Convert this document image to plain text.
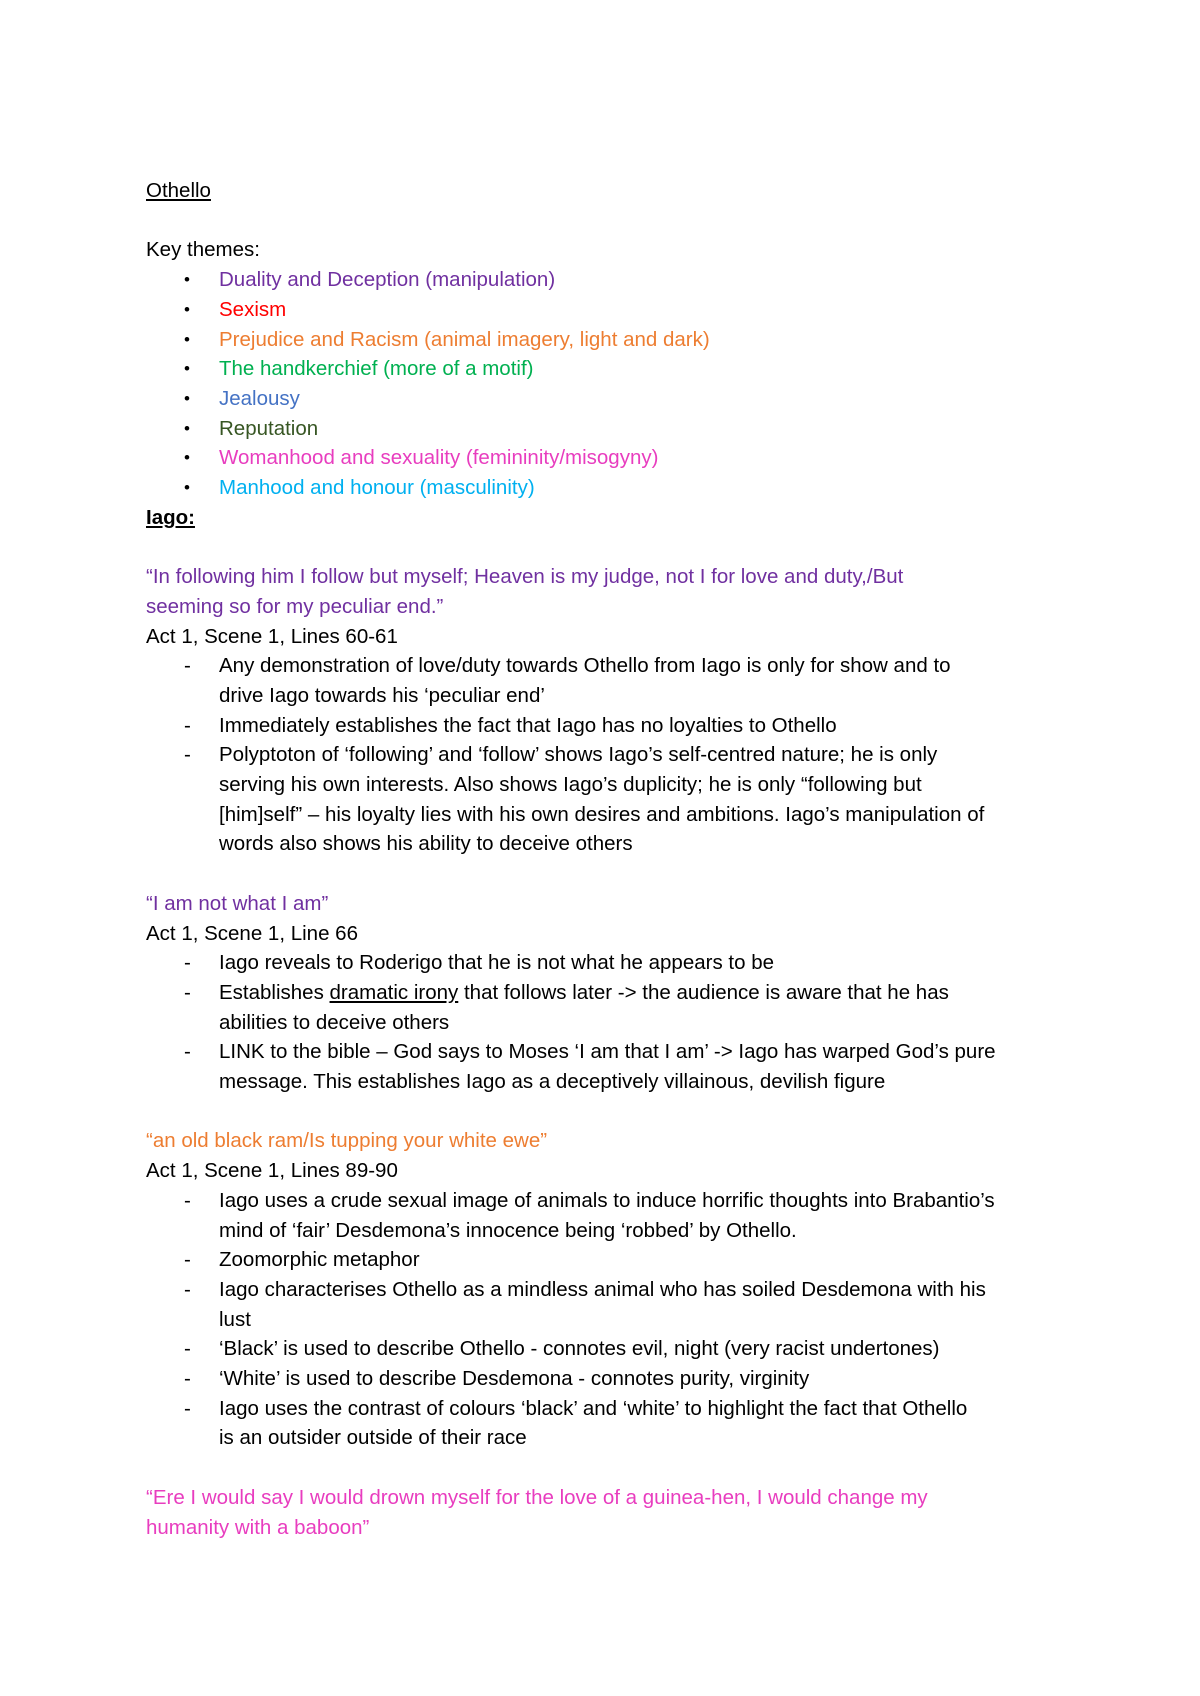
Othello
Key themes:
• Duality and Deception (manipulation)
• Sexism
• Prejudice and Racism (animal imagery, light and dark)
• The handkerchief (more of a motif)
• Jealousy
• Reputation
• Womanhood and sexuality (femininity/misogyny)
• Manhood and honour (masculinity)
Iago:
“In following him I follow but myself; Heaven is my judge, not I for love and duty,/But
seeming so for my peculiar end.”
Act 1, Scene 1, Lines 60-61
- Any demonstration of love/duty towards Othello from Iago is only for show and to
drive Iago towards his ‘peculiar end’
- Immediately establishes the fact that Iago has no loyalties to Othello
- Polyptoton of ‘following’ and ‘follow’ shows Iago’s self-centred nature; he is only
serving his own interests. Also shows Iago’s duplicity; he is only “following but
[him]self” – his loyalty lies with his own desires and ambitions. Iago’s manipulation of
words also shows his ability to deceive others
“I am not what I am”
Act 1, Scene 1, Line 66
- Iago reveals to Roderigo that he is not what he appears to be
- Establishes dramatic irony that follows later -> the audience is aware that he has
abilities to deceive others
- LINK to the bible – God says to Moses ‘I am that I am’ -> Iago has warped God’s pure
message. This establishes Iago as a deceptively villainous, devilish figure
“an old black ram/Is tupping your white ewe”
Act 1, Scene 1, Lines 89-90
- Iago uses a crude sexual image of animals to induce horrific thoughts into Brabantio’s
mind of ‘fair’ Desdemona’s innocence being ‘robbed’ by Othello.
- Zoomorphic metaphor
- Iago characterises Othello as a mindless animal who has soiled Desdemona with his
lust
- ‘Black’ is used to describe Othello - connotes evil, night (very racist undertones)
- ‘White’ is used to describe Desdemona - connotes purity, virginity
- Iago uses the contrast of colours ‘black’ and ‘white’ to highlight the fact that Othello
is an outsider outside of their race
“Ere I would say I would drown myself for the love of a guinea-hen, I would change my
humanity with a baboon”
